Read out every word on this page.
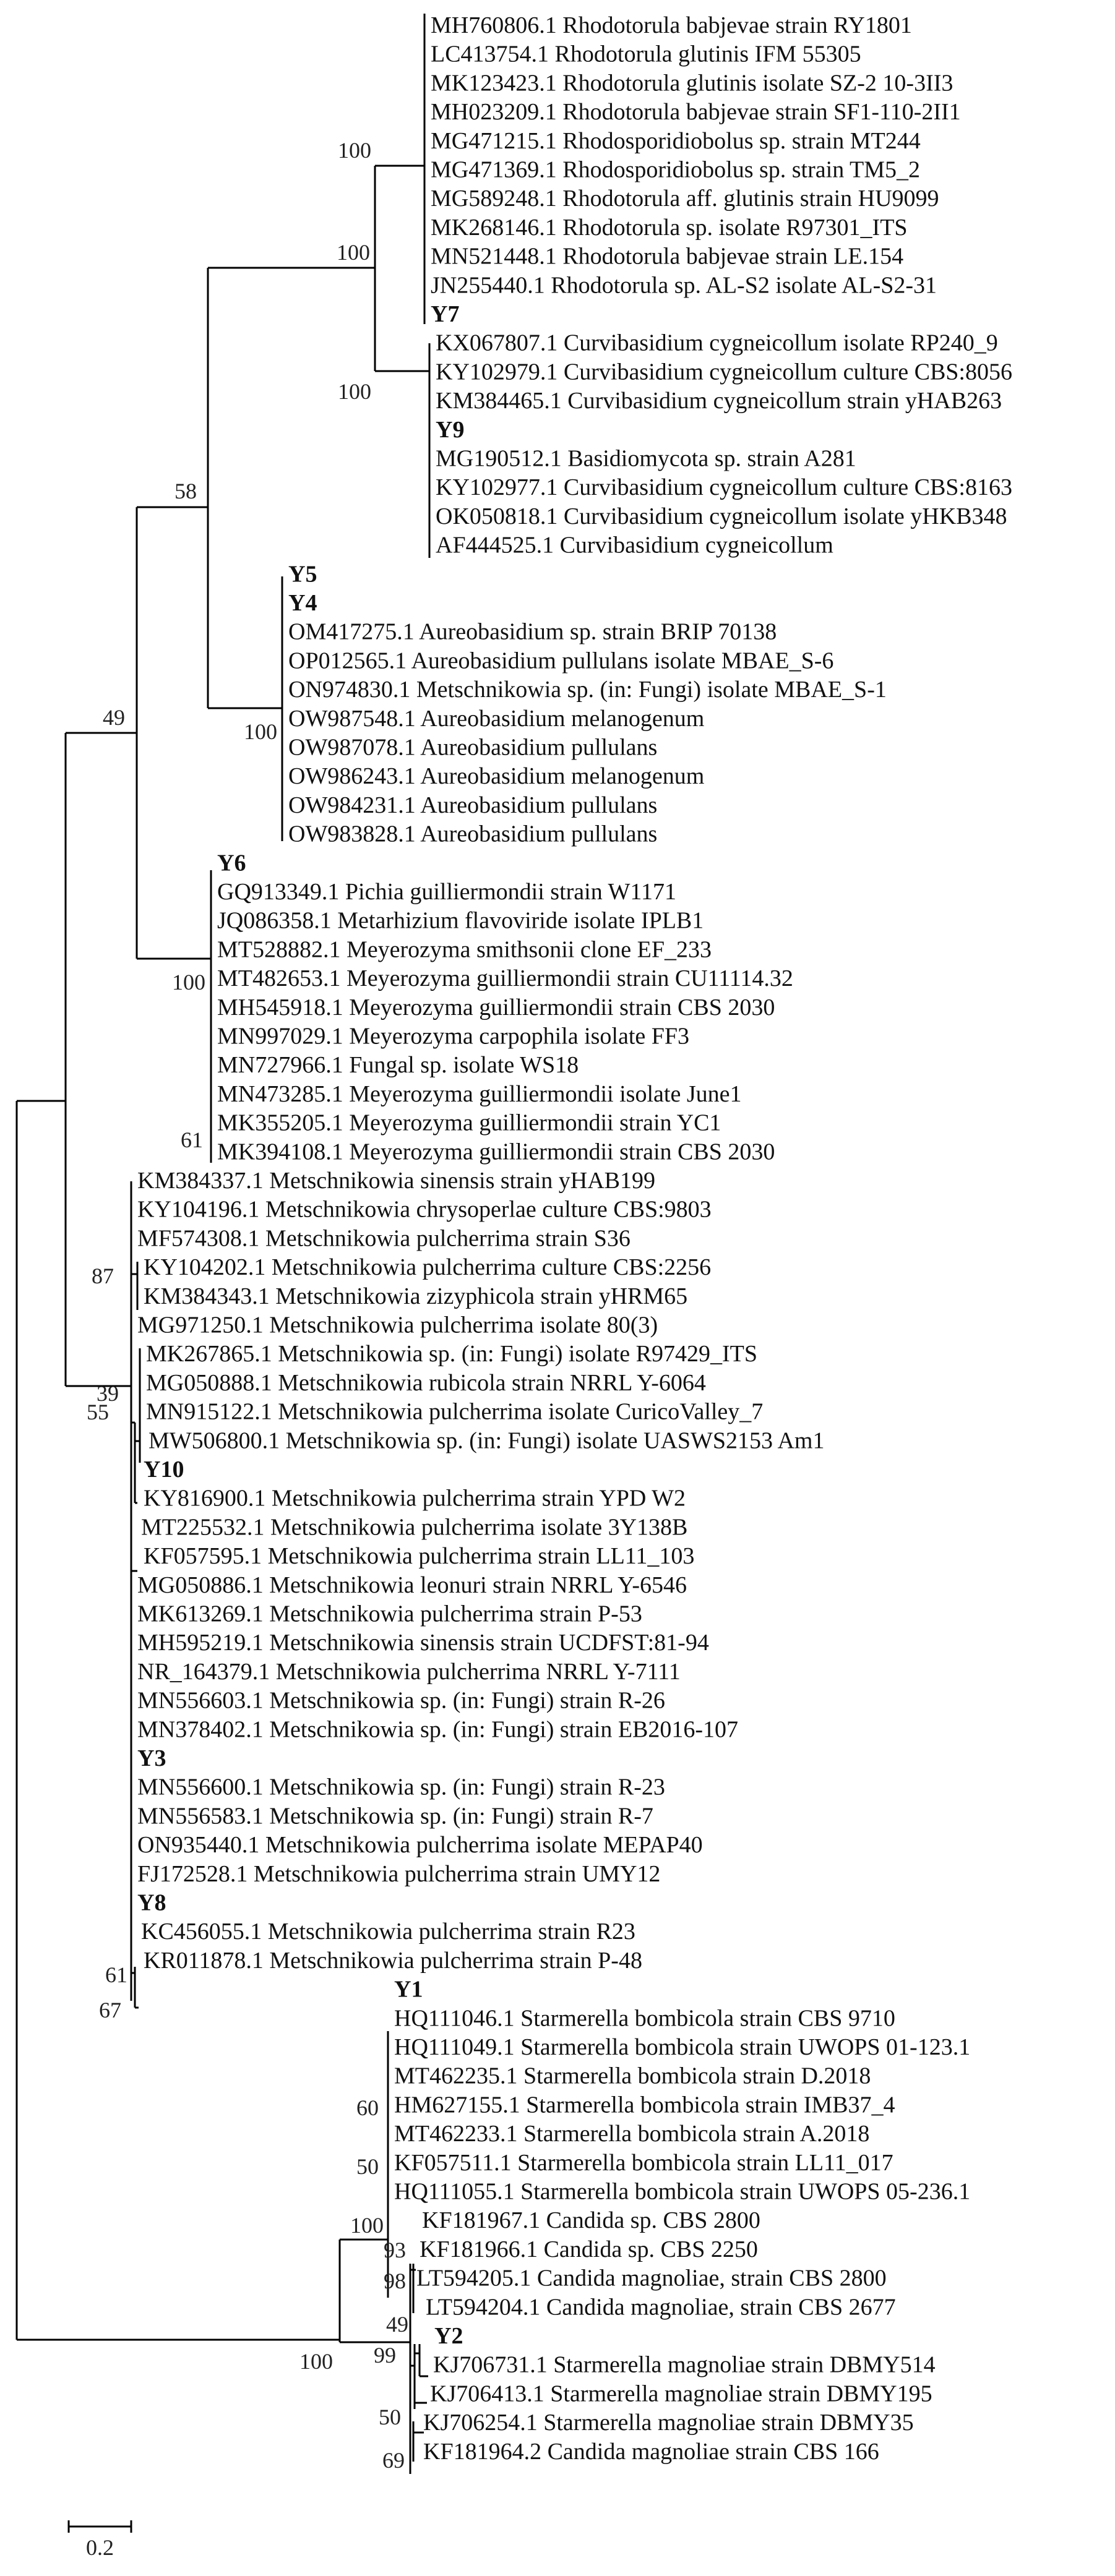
MH760806.1 Rhodotorula babjevae strain RY1801
LC413754.1 Rhodotorula glutinis IFM 55305
MK123423.1 Rhodotorula glutinis isolate SZ-2 10-3II3
MH023209.1 Rhodotorula babjevae strain SF1-110-2II1
MG471215.1 Rhodosporidiobolus sp. strain MT244
MG471369.1 Rhodosporidiobolus sp. strain TM5_2
MG589248.1 Rhodotorula aff. glutinis strain HU9099
MK268146.1 Rhodotorula sp. isolate R97301_ITS
MN521448.1 Rhodotorula babjevae strain LE.154
JN255440.1 Rhodotorula sp. AL-S2 isolate AL-S2-31
Y7
KX067807.1 Curvibasidium cygneicollum isolate RP240_9
KY102979.1 Curvibasidium cygneicollum culture CBS:8056
KM384465.1 Curvibasidium cygneicollum strain yHAB263
Y9
MG190512.1 Basidiomycota sp. strain A281
KY102977.1 Curvibasidium cygneicollum culture CBS:8163
OK050818.1 Curvibasidium cygneicollum isolate yHKB348
AF444525.1 Curvibasidium cygneicollum
Y5
Y4
OM417275.1 Aureobasidium sp. strain BRIP 70138
OP012565.1 Aureobasidium pullulans isolate MBAE_S-6
ON974830.1 Metschnikowia sp. (in: Fungi) isolate MBAE_S-1
OW987548.1 Aureobasidium melanogenum
OW987078.1 Aureobasidium pullulans
OW986243.1 Aureobasidium melanogenum
OW984231.1 Aureobasidium pullulans
OW983828.1 Aureobasidium pullulans
Y6
GQ913349.1 Pichia guilliermondii strain W1171
JQ086358.1 Metarhizium flavoviride isolate IPLB1
MT528882.1 Meyerozyma smithsonii clone EF_233
MT482653.1 Meyerozyma guilliermondii strain CU11114.32
MH545918.1 Meyerozyma guilliermondii strain CBS 2030
MN997029.1 Meyerozyma carpophila isolate FF3
MN727966.1 Fungal sp. isolate WS18
MN473285.1 Meyerozyma guilliermondii isolate June1
MK355205.1 Meyerozyma guilliermondii strain YC1
MK394108.1 Meyerozyma guilliermondii strain CBS 2030
KM384337.1 Metschnikowia sinensis strain yHAB199
KY104196.1 Metschnikowia chrysoperlae culture CBS:9803
MF574308.1 Metschnikowia pulcherrima strain S36
KY104202.1 Metschnikowia pulcherrima culture CBS:2256
KM384343.1 Metschnikowia zizyphicola strain yHRM65
MG971250.1 Metschnikowia pulcherrima isolate 80(3)
MK267865.1 Metschnikowia sp. (in: Fungi) isolate R97429_ITS
MG050888.1 Metschnikowia rubicola strain NRRL Y-6064
MN915122.1 Metschnikowia pulcherrima isolate CuricoValley_7
MW506800.1 Metschnikowia sp. (in: Fungi) isolate UASWS2153 Am1
Y10
KY816900.1 Metschnikowia pulcherrima strain YPD W2
MT225532.1 Metschnikowia pulcherrima isolate 3Y138B
KF057595.1 Metschnikowia pulcherrima strain LL11_103
MG050886.1 Metschnikowia leonuri strain NRRL Y-6546
MK613269.1 Metschnikowia pulcherrima strain P-53
MH595219.1 Metschnikowia sinensis strain UCDFST:81-94
NR_164379.1 Metschnikowia pulcherrima NRRL Y-7111
MN556603.1 Metschnikowia sp. (in: Fungi) strain R-26
MN378402.1 Metschnikowia sp. (in: Fungi) strain EB2016-107
Y3
MN556600.1 Metschnikowia sp. (in: Fungi) strain R-23
MN556583.1 Metschnikowia sp. (in: Fungi) strain R-7
ON935440.1 Metschnikowia pulcherrima isolate MEPAP40
FJ172528.1 Metschnikowia pulcherrima strain UMY12
Y8
KC456055.1 Metschnikowia pulcherrima strain R23
KR011878.1 Metschnikowia pulcherrima strain P-48
Y1
HQ111046.1 Starmerella bombicola strain CBS 9710
HQ111049.1 Starmerella bombicola strain UWOPS 01-123.1
MT462235.1 Starmerella bombicola strain D.2018
HM627155.1 Starmerella bombicola strain IMB37_4
MT462233.1 Starmerella bombicola strain A.2018
KF057511.1 Starmerella bombicola strain LL11_017
HQ111055.1 Starmerella bombicola strain UWOPS 05-236.1
KF181967.1 Candida sp. CBS 2800
KF181966.1 Candida sp. CBS 2250
LT594205.1 Candida magnoliae, strain CBS 2800
LT594204.1 Candida magnoliae, strain CBS 2677
Y2
KJ706731.1 Starmerella magnoliae strain DBMY514
KJ706413.1 Starmerella magnoliae strain DBMY195
KJ706254.1 Starmerella magnoliae strain DBMY35
KF181964.2 Candida magnoliae strain CBS 166
100
100
100
58
100
49
100
61
87
39
55
61
67
60
50
100
100
93
98
49
99
50
69
0.2
